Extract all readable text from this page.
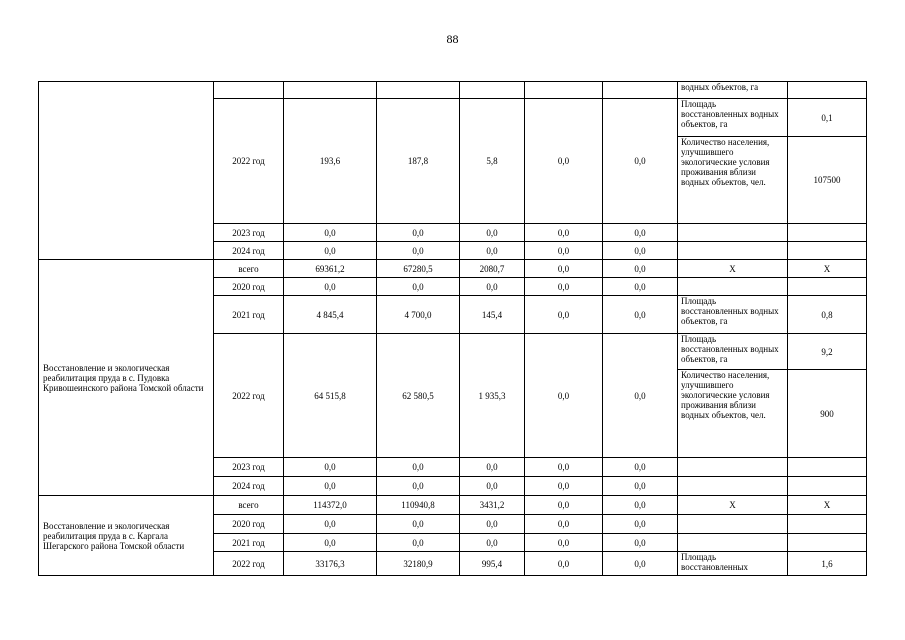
88
							водных объектов, га	
	2022 год	193,6	187,8	5,8	0,0	0,0	Площадь восстановленных водных объектов, га	0,1
							Количество населения, улучшившего экологические условия проживания вблизи водных объектов, чел.	107500
	2023 год	0,0	0,0	0,0	0,0	0,0		
	2024 год	0,0	0,0	0,0	0,0	0,0		
Восстановление и экологическая реабилитация пруда в с. Пудовка Кривошеинского района Томской области	всего	69361,2	67280,5	2080,7	0,0	0,0	X	X
	2020 год	0,0	0,0	0,0	0,0	0,0		
	2021 год	4 845,4	4 700,0	145,4	0,0	0,0	Площадь восстановленных водных объектов, га	0,8
	2022 год	64 515,8	62 580,5	1 935,3	0,0	0,0	Площадь восстановленных водных объектов, га	9,2
							Количество населения, улучшившего экологические условия проживания вблизи водных объектов, чел.	900
	2023 год	0,0	0,0	0,0	0,0	0,0		
	2024 год	0,0	0,0	0,0	0,0	0,0		
Восстановление и экологическая реабилитация пруда в с. Каргала Шегарского района Томской области	всего	114372,0	110940,8	3431,2	0,0	0,0	X	X
	2020 год	0,0	0,0	0,0	0,0	0,0		
	2021 год	0,0	0,0	0,0	0,0	0,0		
	2022 год	33176,3	32180,9	995,4	0,0	0,0	Площадь восстановленных	1,6
